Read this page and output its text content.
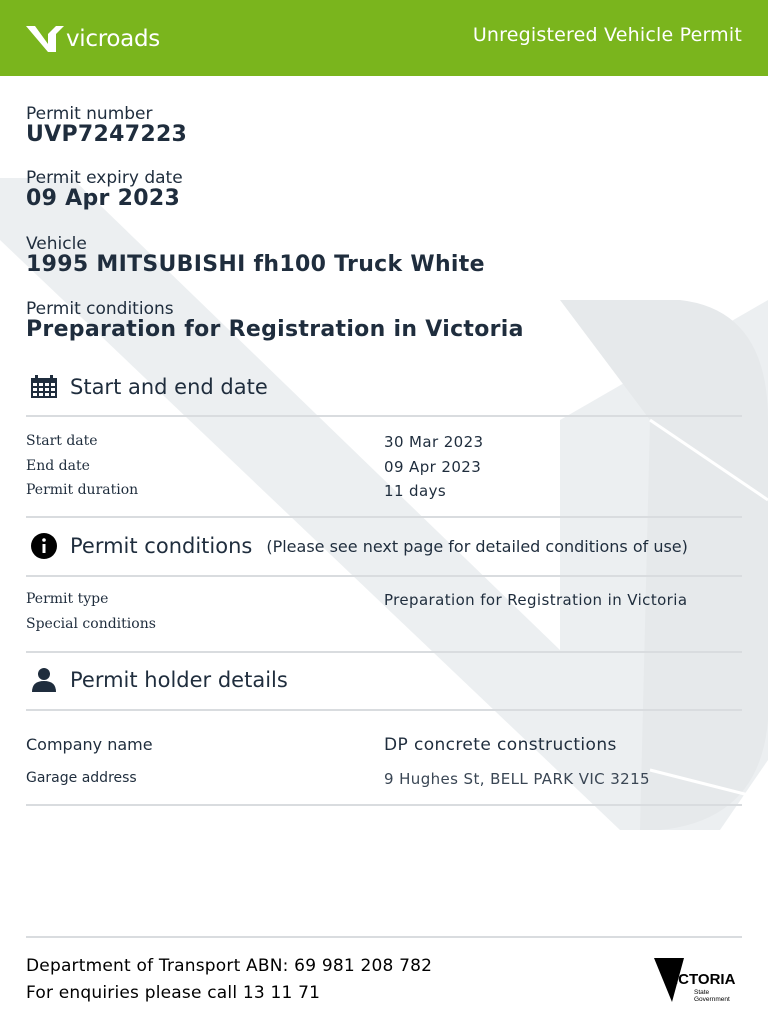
vicroads	Unregistered Vehicle Permit
Permit number
UVP7247223
Permit expiry date
09 Apr 2023
Vehicle
1995 MITSUBISHI fh100 Truck White
Permit conditions
Preparation for Registration in Victoria
Start and end date
Start date	30 Mar 2023
End date	09 Apr 2023
Permit duration	11 days
Permit conditions (Please see next page for detailed conditions of use)
Permit type	Preparation for Registration in Victoria
Special conditions
Permit holder details
Company name	DP concrete constructions
Garage address	9 Hughes St, BELL PARK VIC 3215
Department of Transport ABN: 69 981 208 782
For enquiries please call 13 11 71
VICTORIA
State
Government
